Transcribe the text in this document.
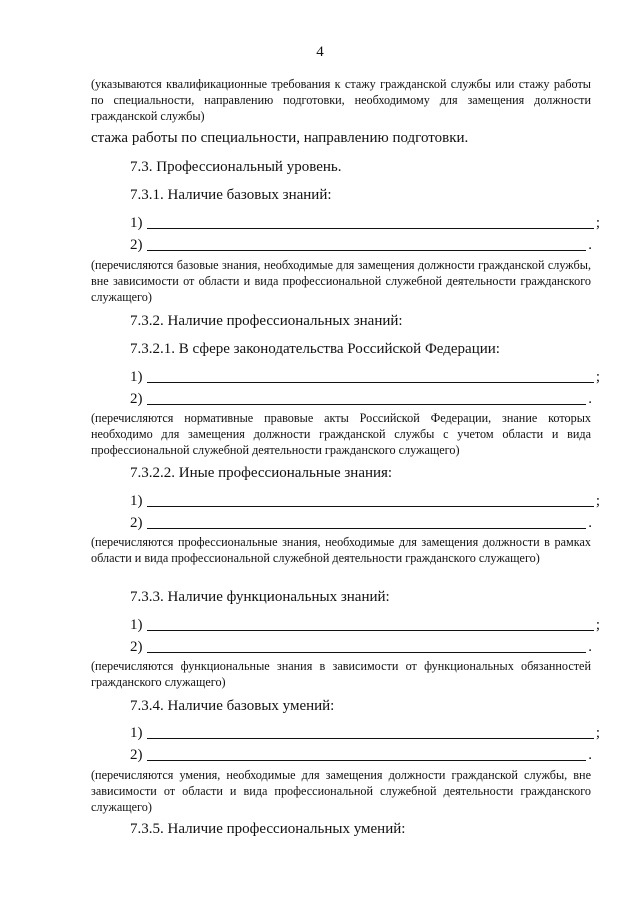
4
(указываются квалификационные требования к стажу гражданской службы или стажу работы по специальности, направлению подготовки, необходимому для замещения должности гражданской службы)
стажа работы по специальности, направлению подготовки.
7.3. Профессиональный уровень.
7.3.1. Наличие базовых знаний:
1)	;
2)	.
(перечисляются базовые знания, необходимые для замещения должности гражданской службы, вне зависимости от области и вида профессиональной служебной деятельности гражданского служащего)
7.3.2. Наличие профессиональных знаний:
7.3.2.1. В сфере законодательства Российской Федерации:
1)	;
2)	.
(перечисляются нормативные правовые акты Российской Федерации, знание которых необходимо для замещения должности гражданской службы с учетом области и вида профессиональной служебной деятельности гражданского служащего)
7.3.2.2. Иные профессиональные знания:
1)	;
2)	.
(перечисляются профессиональные знания, необходимые для замещения должности в рамках области и вида профессиональной служебной деятельности гражданского служащего)
7.3.3. Наличие функциональных знаний:
1)	;
2)	.
(перечисляются функциональные знания в зависимости от функциональных обязанностей гражданского служащего)
7.3.4. Наличие базовых умений:
1)	;
2)	.
(перечисляются умения, необходимые для замещения должности гражданской службы, вне зависимости от области и вида профессиональной служебной деятельности гражданского служащего)
7.3.5. Наличие профессиональных умений:
